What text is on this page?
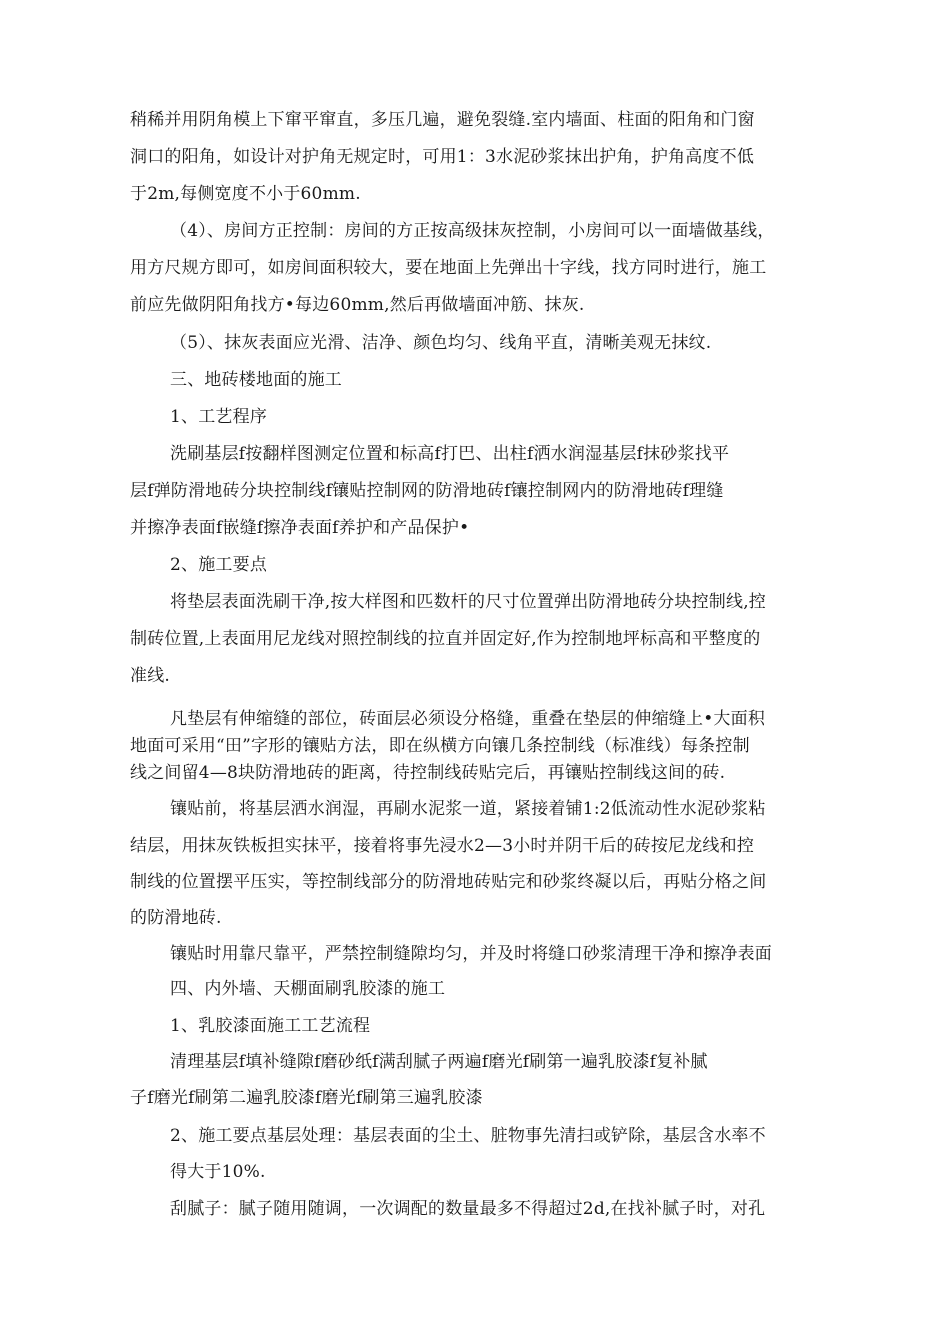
稍稀并用阴角模上下窜平窜直，多压几遍，避免裂缝.室内墙面、柱面的阳角和门窗
洞口的阳角，如设计对护角无规定时，可用1：3水泥砂浆抹出护角，护角高度不低
于2m,每侧宽度不小于60mm.
（4）、房间方正控制：房间的方正按高级抹灰控制，小房间可以一面墙做基线，
用方尺规方即可，如房间面积较大，要在地面上先弹出十字线，找方同时进行，施工
前应先做阴阳角找方•每边60mm,然后再做墙面冲筋、抹灰.
（5）、抹灰表面应光滑、洁净、颜色均匀、线角平直，清晰美观无抹纹.
三、地砖楼地面的施工
1、工艺程序
洗刷基层f按翻样图测定位置和标高f打巴、出柱f洒水润湿基层f抹砂浆找平
层f弹防滑地砖分块控制线f镶贴控制网的防滑地砖f镶控制网内的防滑地砖f理缝
并擦净表面f嵌缝f擦净表面f养护和产品保护•
2、施工要点
将垫层表面洗刷干净,按大样图和匹数杆的尺寸位置弹出防滑地砖分块控制线,控
制砖位置,上表面用尼龙线对照控制线的拉直并固定好,作为控制地坪标高和平整度的
准线.
凡垫层有伸缩缝的部位，砖面层必须设分格缝，重叠在垫层的伸缩缝上•大面积
地面可采用“田”字形的镶贴方法，即在纵横方向镶几条控制线（标准线）每条控制
线之间留4—8块防滑地砖的距离，待控制线砖贴完后，再镶贴控制线这间的砖.
镶贴前，将基层洒水润湿，再刷水泥浆一道，紧接着铺1:2低流动性水泥砂浆粘
结层，用抹灰铁板担实抹平，接着将事先浸水2—3小时并阴干后的砖按尼龙线和控
制线的位置摆平压实，等控制线部分的防滑地砖贴完和砂浆终凝以后，再贴分格之间
的防滑地砖.
镶贴时用靠尺靠平，严禁控制缝隙均匀，并及时将缝口砂浆清理干净和擦净表面
四、内外墙、天棚面刷乳胶漆的施工
1、乳胶漆面施工工艺流程
清理基层f填补缝隙f磨砂纸f满刮腻子两遍f磨光f刷第一遍乳胶漆f复补腻
子f磨光f刷第二遍乳胶漆f磨光f刷第三遍乳胶漆
2、施工要点基层处理：基层表面的尘土、脏物事先清扫或铲除，基层含水率不
得大于10%.
刮腻子：腻子随用随调，一次调配的数量最多不得超过2d,在找补腻子时，对孔
